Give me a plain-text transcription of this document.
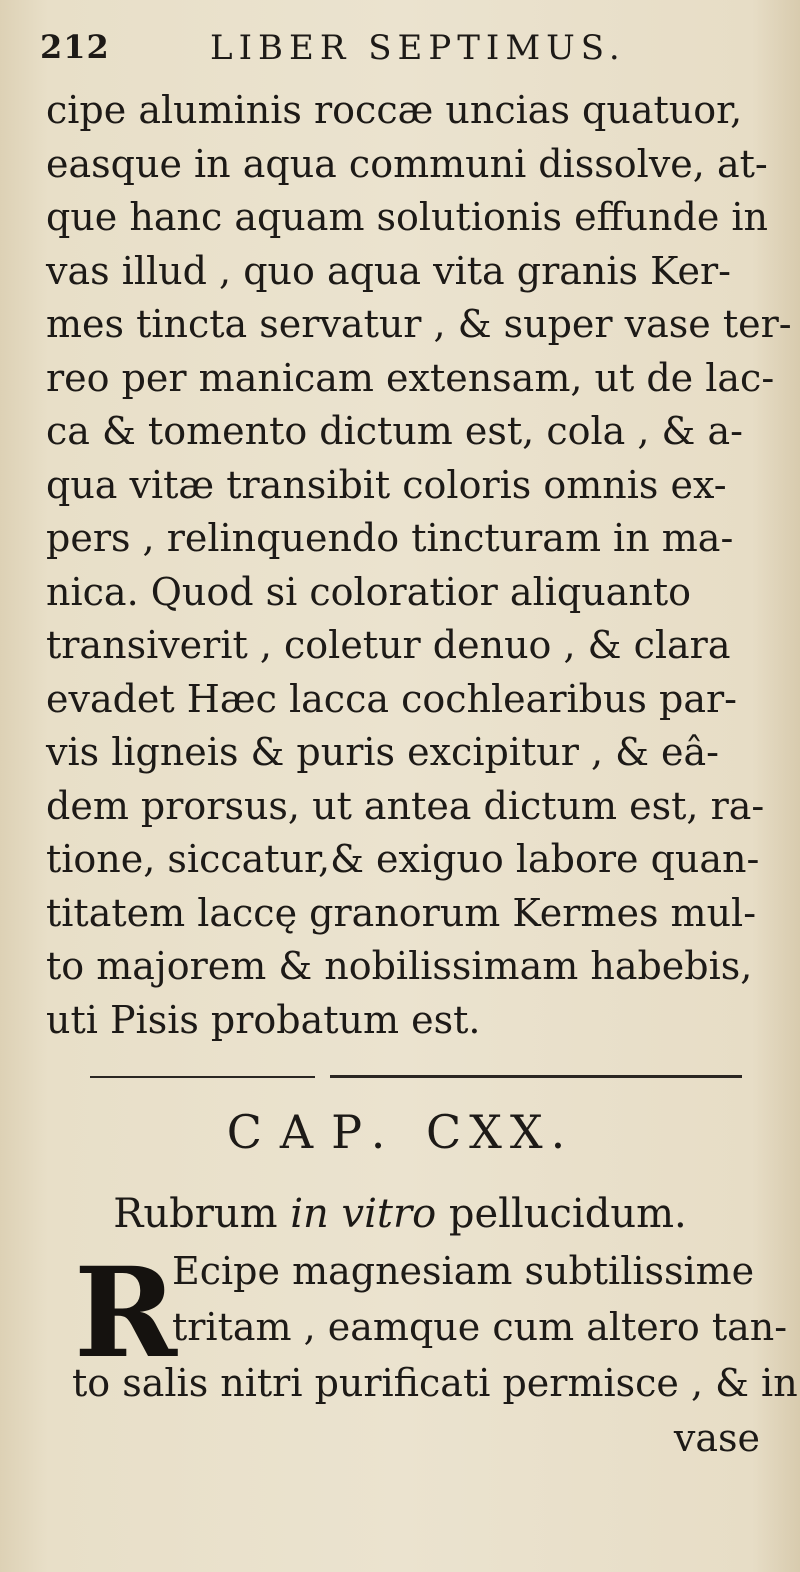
212	LIBER SEPTIMUS.
cipe aluminis roccæ uncias quatuor,
easque in aqua communi dissolve, at-
que hanc aquam solutionis effunde in
vas illud , quo aqua vita granis Ker-
mes tincta servatur , & super vase ter-
reo per manicam extensam, ut de lac-
ca & tomento dictum est, cola , & a-
qua vitæ transibit coloris omnis ex-
pers , relinquendo tincturam in ma-
nica. Quod si coloratior aliquanto
transiverit , coletur denuo , & clara
evadet Hæc lacca cochlearibus par-
vis ligneis & puris excipitur , & eâ-
dem prorsus, ut antea dictum est, ra-
tione, siccatur,& exiguo labore quan-
titatem laccę granorum Kermes mul-
to majorem & nobilissimam habebis,
uti Pisis probatum est.
CAP. CXX.
Rubrum in vitro pellucidum.
R
Ecipe magnesiam subtilissime
tritam , eamque cum altero tan-
to salis nitri purificati permisce , & in
vase
